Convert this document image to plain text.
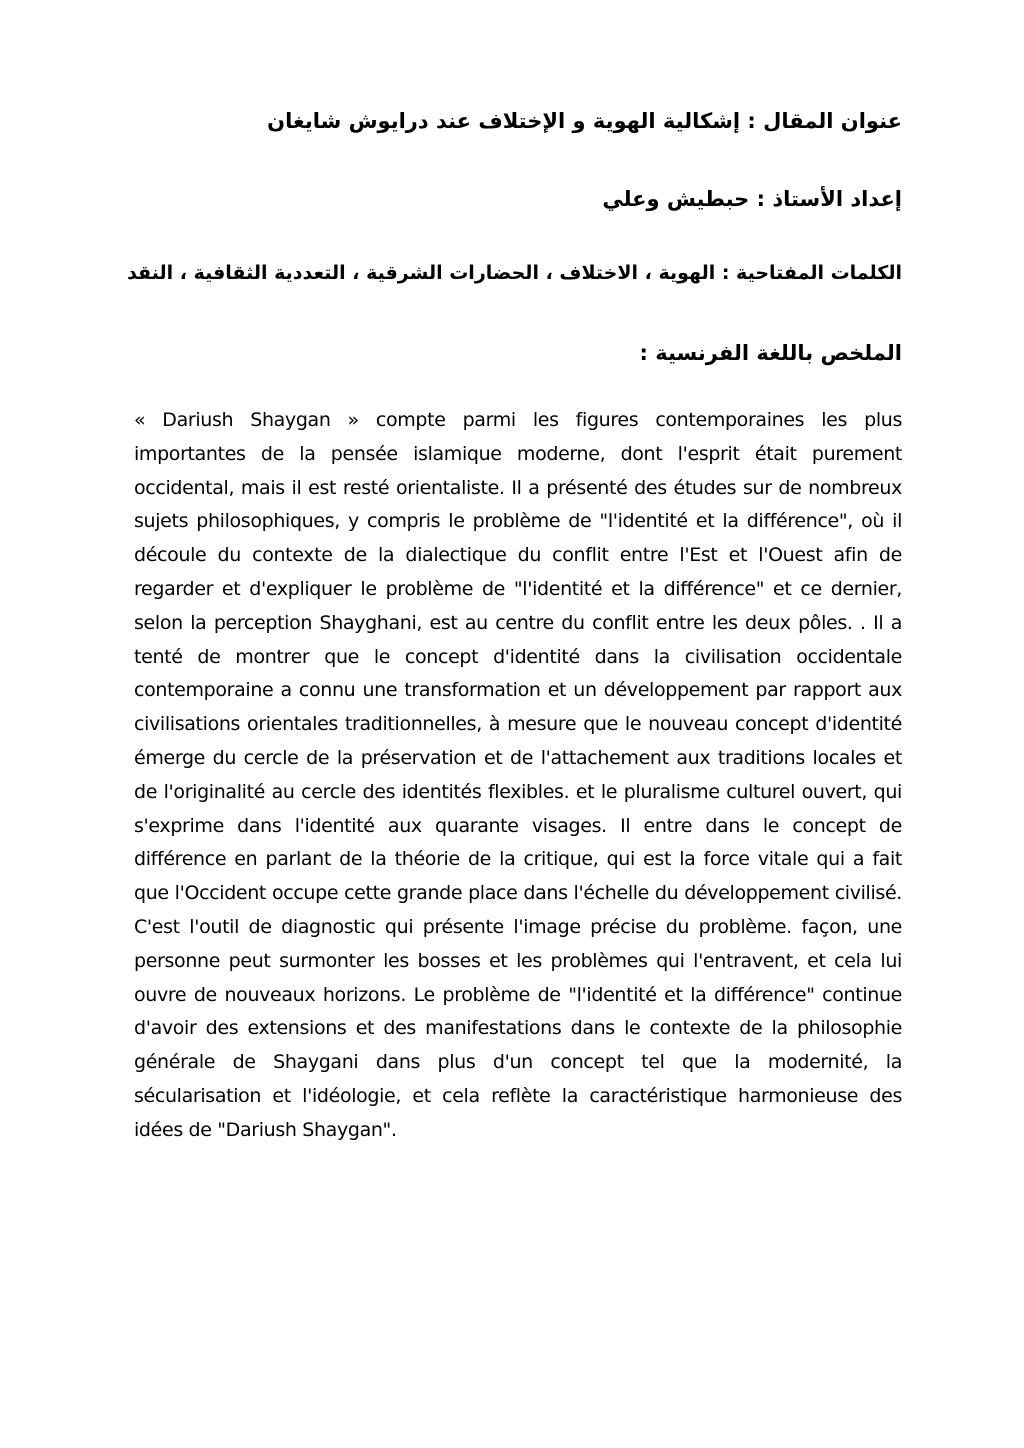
عنوان المقال : إشكالية الهوية و الإختلاف عند درايوش شايغان
إعداد الأستاذ : حبطيش وعلي
الكلمات المفتاحية : الهوية ، الاختلاف ، الحضارات الشرقية ، التعددية الثقافية ، النقد
الملخص باللغة الفرنسية :

« Dariush Shaygan » compte parmi les figures contemporaines les plus importantes de la pensée islamique moderne, dont l'esprit était purement occidental, mais il est resté orientaliste. Il a présenté des études sur de nombreux sujets philosophiques, y compris le problème de "l'identité et la différence", où il découle du contexte de la dialectique du conflit entre l'Est et l'Ouest afin de regarder et d'expliquer le problème de "l'identité et la différence" et ce dernier, selon la perception Shayghani, est au centre du conflit entre les deux pôles. . Il a tenté de montrer que le concept d'identité dans la civilisation occidentale contemporaine a connu une transformation et un développement par rapport aux civilisations orientales traditionnelles, à mesure que le nouveau concept d'identité émerge du cercle de la préservation et de l'attachement aux traditions locales et de l'originalité au cercle des identités flexibles. et le pluralisme culturel ouvert, qui s'exprime dans l'identité aux quarante visages. Il entre dans le concept de différence en parlant de la théorie de la critique, qui est la force vitale qui a fait que l'Occident occupe cette grande place dans l'échelle du développement civilisé. C'est l'outil de diagnostic qui présente l'image précise du problème. façon, une personne peut surmonter les bosses et les problèmes qui l'entravent, et cela lui ouvre de nouveaux horizons. Le problème de "l'identité et la différence" continue d'avoir des extensions et des manifestations dans le contexte de la philosophie générale de Shaygani dans plus d'un concept tel que la modernité, la sécularisation et l'idéologie, et cela reflète la caractéristique harmonieuse des idées de "Dariush Shaygan".
